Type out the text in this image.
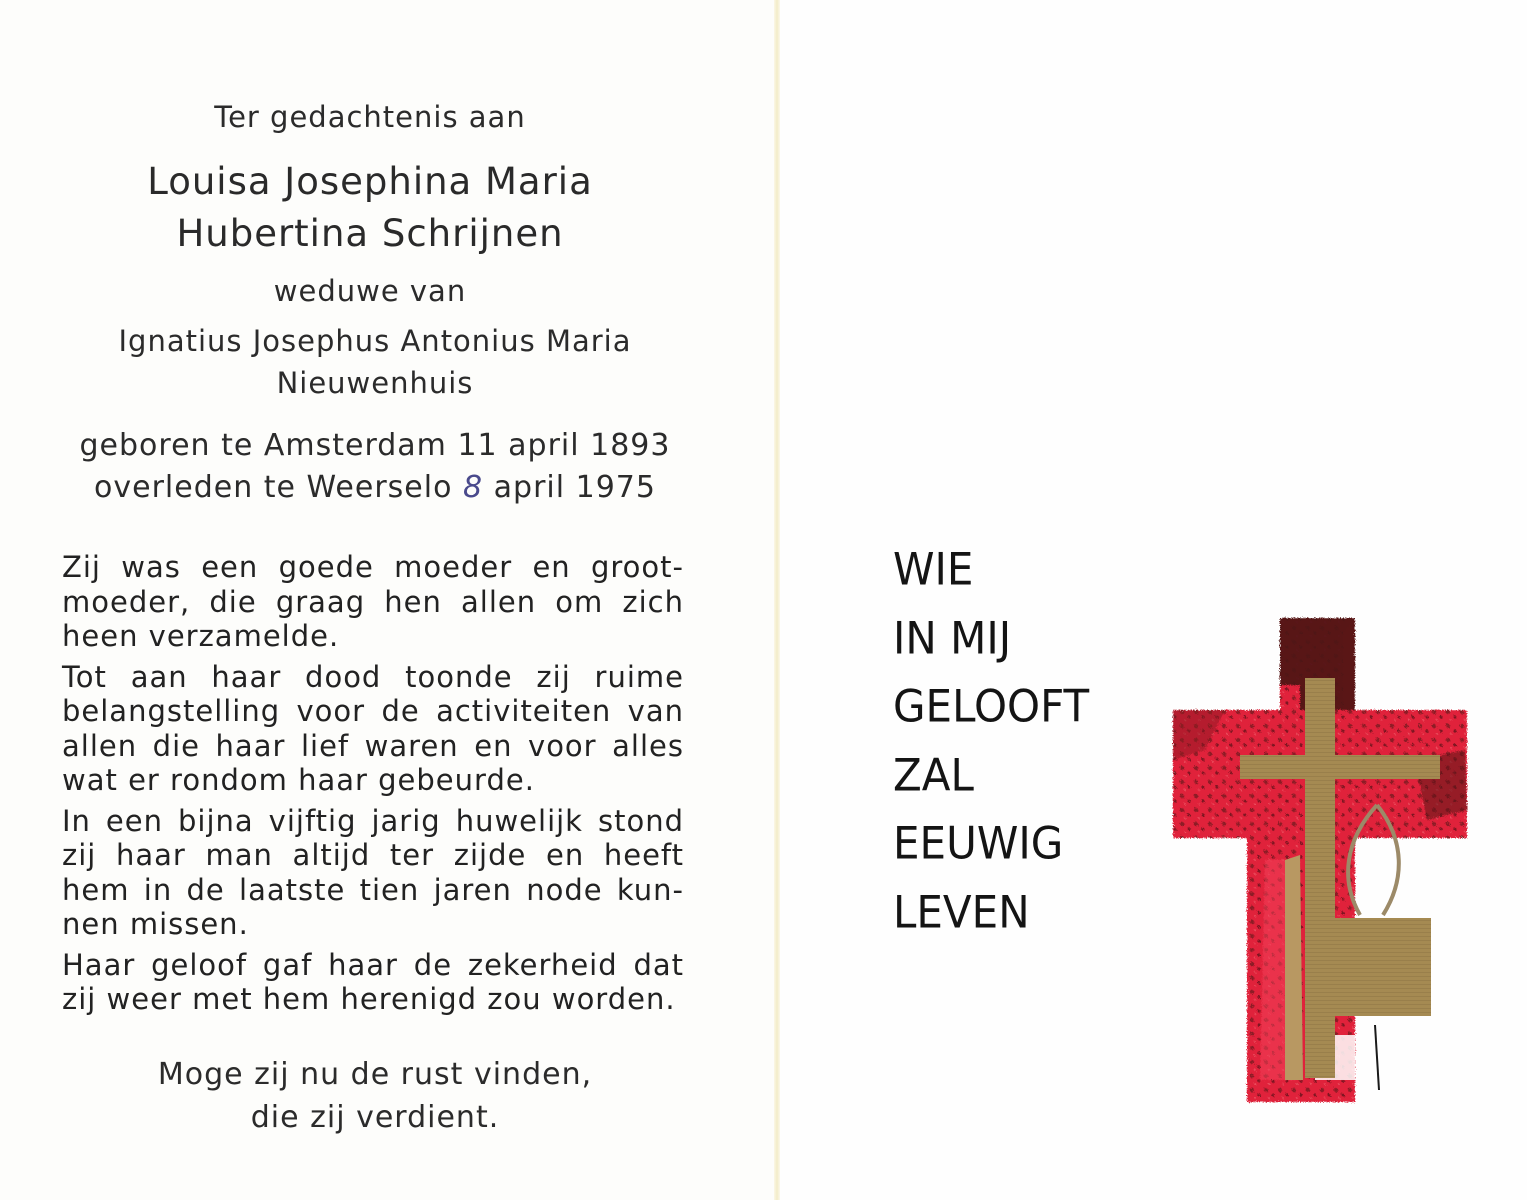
Ter gedachtenis aan
Louisa Josephina Maria
Hubertina Schrijnen
weduwe van
Ignatius Josephus Antonius Maria
Nieuwenhuis
geboren te Amsterdam 11 april 1893
overleden te Weerselo 8 april 1975

Zij was een goede moeder en groot-moeder, die graag hen allen om zich heen verzamelde.

Tot aan haar dood toonde zij ruime belangstelling voor de activiteiten van allen die haar lief waren en voor alles wat er rondom haar gebeurde.

In een bijna vijftig jarig huwelijk stond zij haar man altijd ter zijde en heeft hem in de laatste tien jaren node kun-nen missen.

Haar geloof gaf haar de zekerheid dat zij weer met hem herenigd zou worden.

Moge zij nu de rust vinden,
die zij verdient.
WIE
IN MIJ
GELOOFT
ZAL
EEUWIG
LEVEN
